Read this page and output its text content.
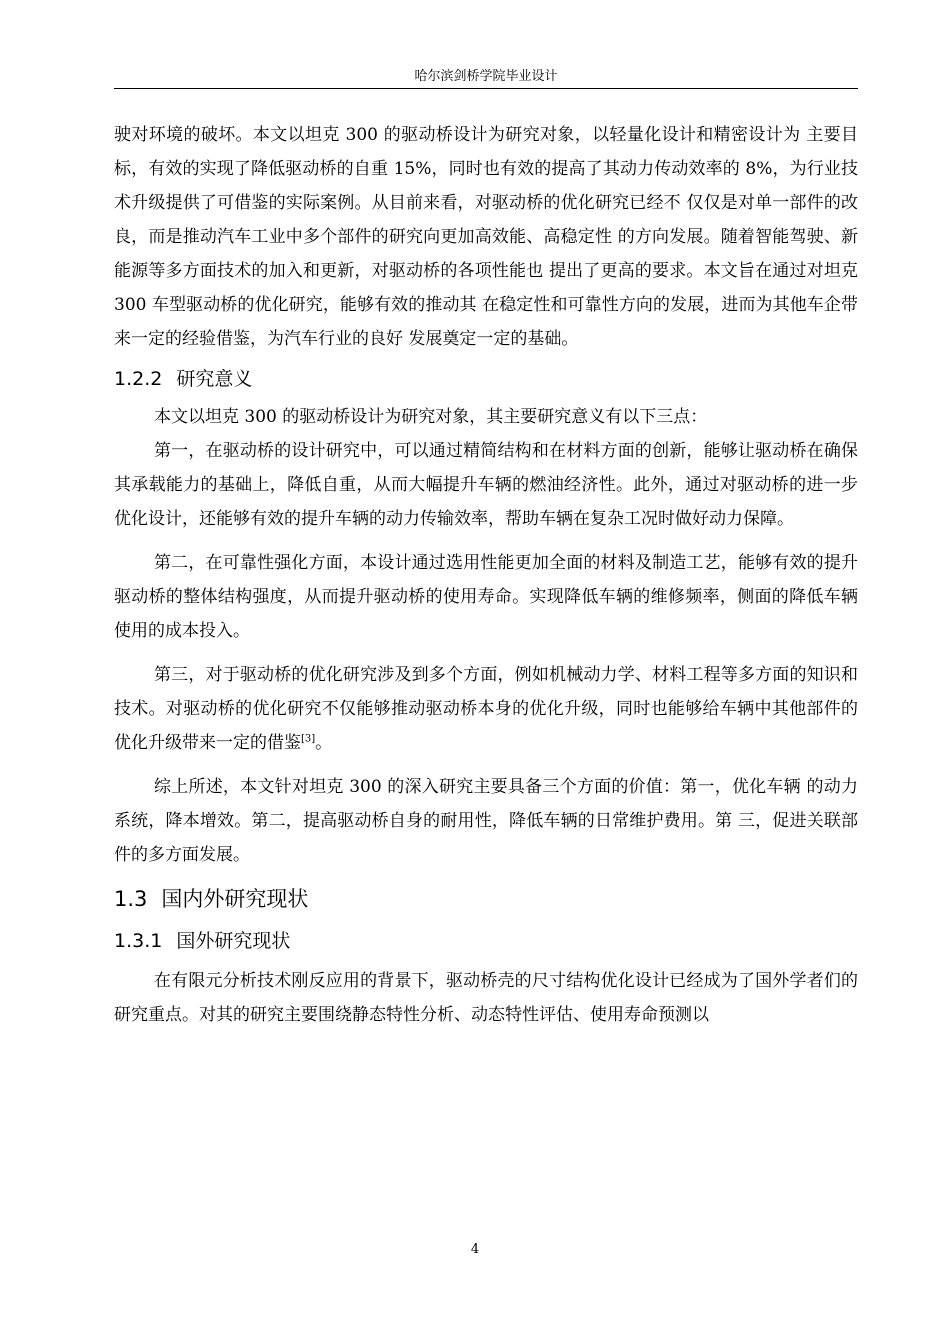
哈尔滨剑桥学院毕业设计

驶对环境的破坏。本文以坦克 300 的驱动桥设计为研究对象，以轻量化设计和精密设计为 主要目标，有效的实现了降低驱动桥的自重 15%，同时也有效的提高了其动力传动效率的 8%，为行业技术升级提供了可借鉴的实际案例。从目前来看，对驱动桥的优化研究已经不 仅仅是对单一部件的改良，而是推动汽车工业中多个部件的研究向更加高效能、高稳定性 的方向发展。随着智能驾驶、新能源等多方面技术的加入和更新，对驱动桥的各项性能也 提出了更高的要求。本文旨在通过对坦克 300 车型驱动桥的优化研究，能够有效的推动其 在稳定性和可靠性方向的发展，进而为其他车企带来一定的经验借鉴，为汽车行业的良好 发展奠定一定的基础。

1.2.2 研究意义

本文以坦克 300 的驱动桥设计为研究对象，其主要研究意义有以下三点：

第一，在驱动桥的设计研究中，可以通过精简结构和在材料方面的创新，能够让驱动桥在确保其承载能力的基础上，降低自重，从而大幅提升车辆的燃油经济性。此外，通过对驱动桥的进一步优化设计，还能够有效的提升车辆的动力传输效率，帮助车辆在复杂工况时做好动力保障。

第二，在可靠性强化方面，本设计通过选用性能更加全面的材料及制造工艺，能够有效的提升驱动桥的整体结构强度，从而提升驱动桥的使用寿命。实现降低车辆的维修频率，侧面的降低车辆使用的成本投入。

第三，对于驱动桥的优化研究涉及到多个方面，例如机械动力学、材料工程等多方面的知识和技术。对驱动桥的优化研究不仅能够推动驱动桥本身的优化升级，同时也能够给车辆中其他部件的优化升级带来一定的借鉴[3]。

综上所述，本文针对坦克 300 的深入研究主要具备三个方面的价值：第一，优化车辆 的动力系统，降本增效。第二，提高驱动桥自身的耐用性，降低车辆的日常维护费用。第 三，促进关联部件的多方面发展。

1.3 国内外研究现状
1.3.1 国外研究现状

在有限元分析技术刚反应用的背景下，驱动桥壳的尺寸结构优化设计已经成为了国外学者们的研究重点。对其的研究主要围绕静态特性分析、动态特性评估、使用寿命预测以

4
